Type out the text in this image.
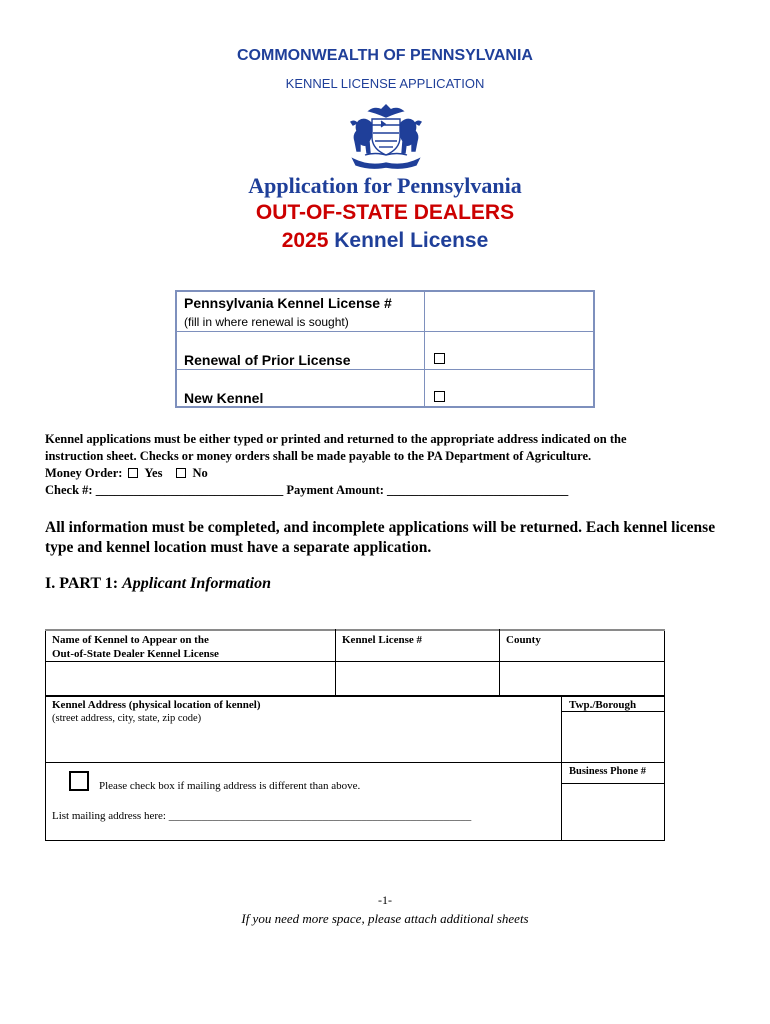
COMMONWEALTH OF PENNSYLVANIA
KENNEL LICENSE APPLICATION
Application for Pennsylvania
OUT-OF-STATE DEALERS
2025 Kennel License
Pennsylvania Kennel License #
(fill in where renewal is sought)
Renewal of Prior License
New Kennel
Kennel applications must be either typed or printed and returned to the appropriate address indicated on the
instruction sheet. Checks or money orders shall be made payable to the PA Department of Agriculture.
Money Order: Yes No
Check #: ______________________________ Payment Amount: _____________________________
All information must be completed, and incomplete applications will be returned. Each kennel license type and kennel location must have a separate application.
I. PART 1: Applicant Information
Name of Kennel to Appear on the
Out-of-State Dealer Kennel License
Kennel License #	County
Kennel Address (physical location of kennel)
(street address, city, state, zip code)
Twp./Borough
Business Phone #
Please check box if mailing address is different than above.
List mailing address here: _______________________________________________________
-1-
If you need more space, please attach additional sheets
